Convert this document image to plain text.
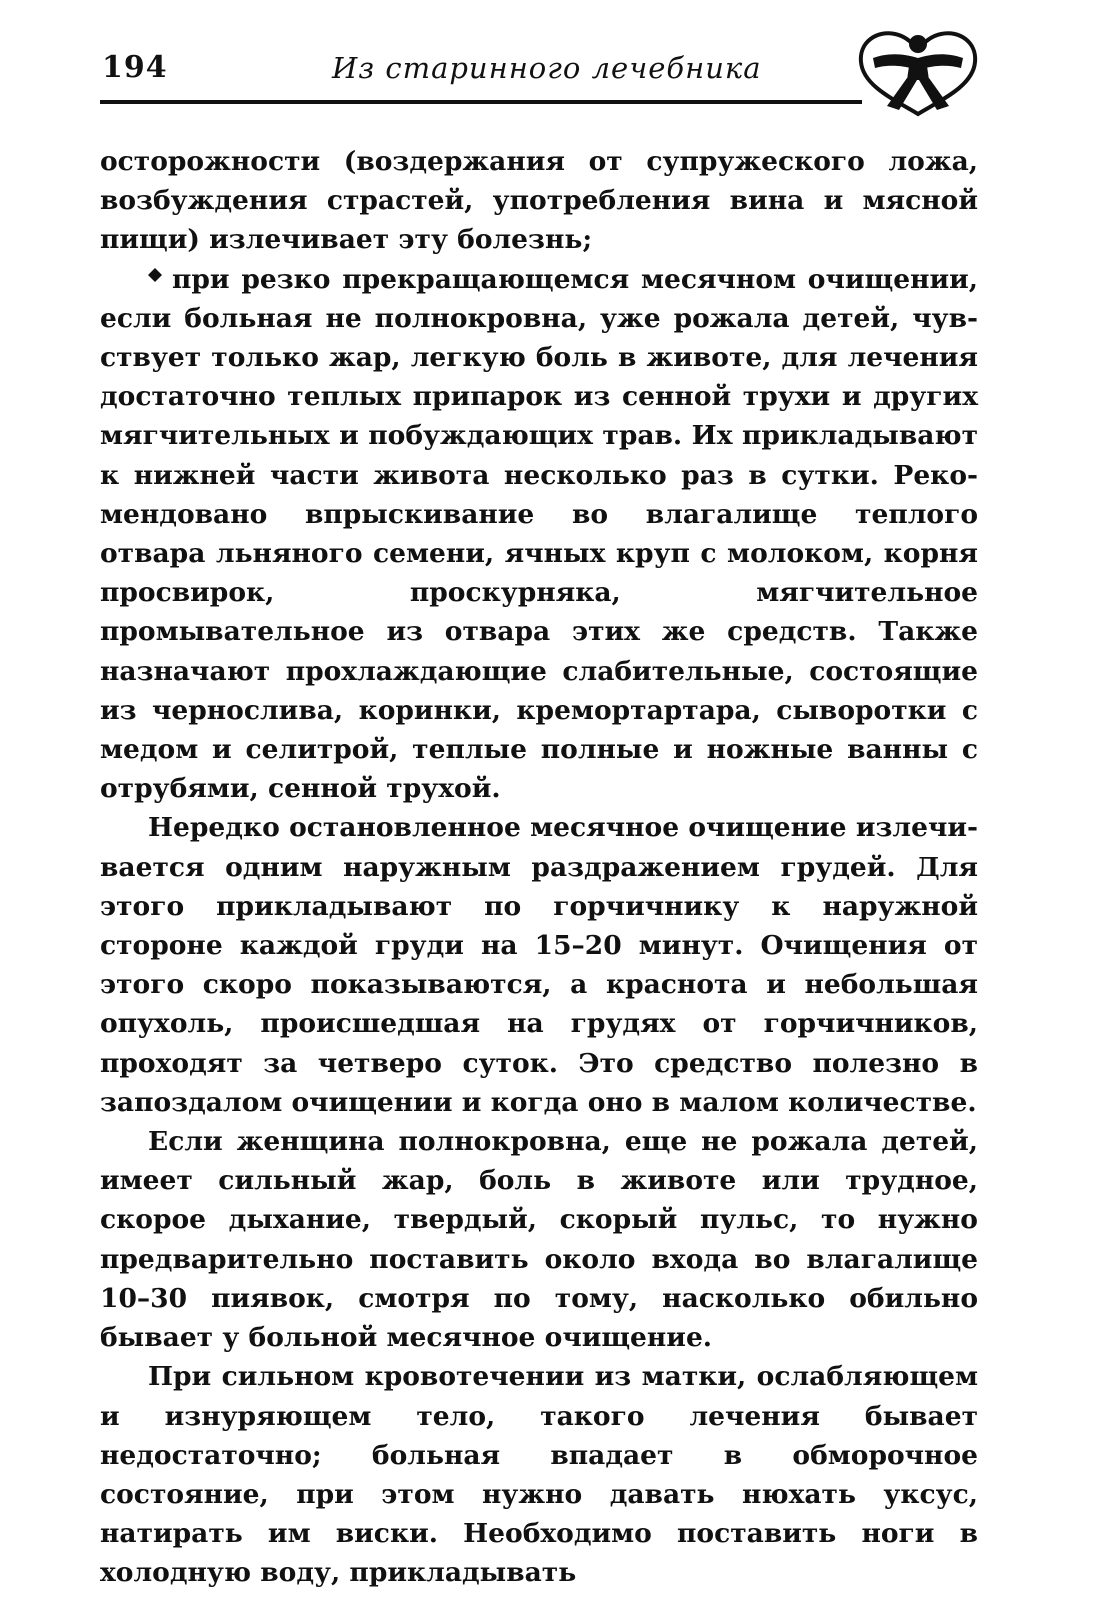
194	Из старинного лечебника

осторожности (воздержания от супружеского ложа, возбуждения страстей, употребления вина и мясной пищи) излечивает эту болезнь;

при резко прекращающемся месячном очищении, если больная не полнокровна, уже рожала детей, чувствует только жар, легкую боль в животе, для лечения достаточно теплых припарок из сенной трухи и других мягчительных и побуждающих трав. Их прикладывают к нижней части живота несколько раз в сутки. Рекомендовано впрыскивание во влагалище теплого отвара льняного семени, ячных круп с молоком, корня просвирок, проскурняка, мягчительное промывательное из отвара этих же средств. Также назначают прохлаждающие слабительные, состоящие из чернослива, коринки, кремортартара, сыворотки с медом и селитрой, теплые полные и ножные ванны с отрубями, сенной трухой.

Нередко остановленное месячное очищение излечивается одним наружным раздражением грудей. Для этого прикладывают по горчичнику к наружной стороне каждой груди на 15–20 минут. Очищения от этого скоро показываются, а краснота и небольшая опухоль, происшедшая на грудях от горчичников, проходят за четверо суток. Это средство полезно в запоздалом очищении и когда оно в малом количестве.

Если женщина полнокровна, еще не рожала детей, имеет сильный жар, боль в животе или трудное, скорое дыхание, твердый, скорый пульс, то нужно предварительно поставить около входа во влагалище 10–30 пиявок, смотря по тому, насколько обильно бывает у больной месячное очищение.

При сильном кровотечении из матки, ослабляющем и изнуряющем тело, такого лечения бывает недостаточно; больная впадает в обморочное состояние, при этом нужно давать нюхать уксус, натирать им виски. Необходимо поставить ноги в холодную воду, прикладывать
